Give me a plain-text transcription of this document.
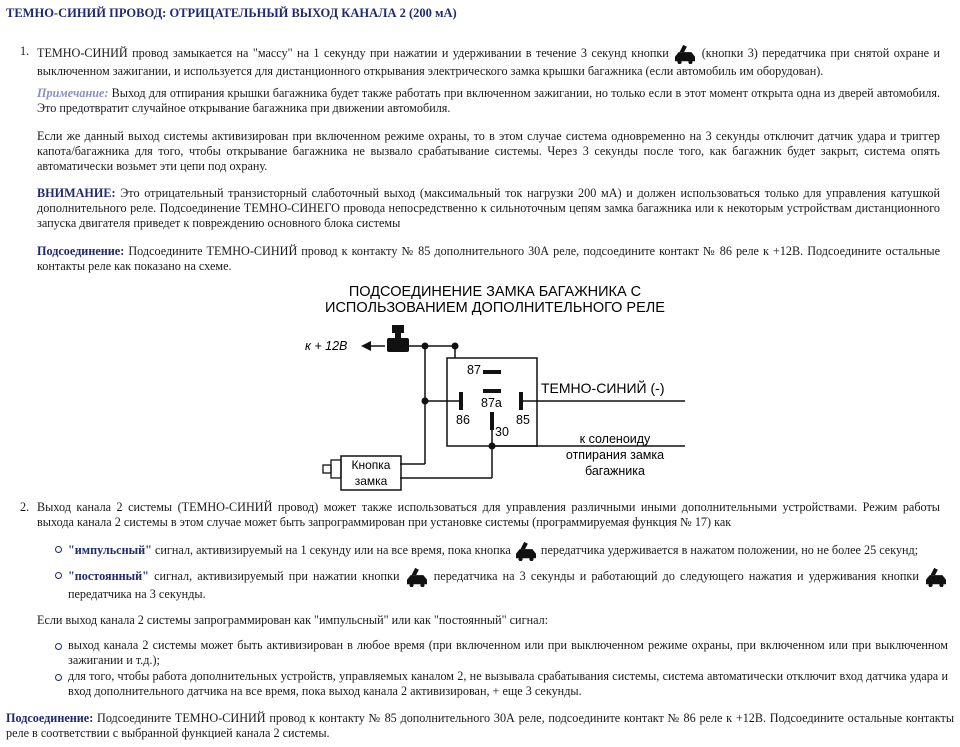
ТЕМНО-СИНИЙ ПРОВОД: ОТРИЦАТЕЛЬНЫЙ ВЫХОД КАНАЛА 2 (200 мА)
1. ТЕМНО-СИНИЙ провод замыкается на "массу" на 1 секунду при нажатии и удерживании в течение 3 секунд кнопки	(кнопки 3) передатчика при снятой охране и выключенном зажигании, и используется для дистанционного открывания электрического замка крышки багажника (если автомобиль им оборудован).
Примечание: Выход для отпирания крышки багажника будет также работать при включенном зажигании, но только если в этот момент открыта одна из дверей автомобиля. Это предотвратит случайное открывание багажника при движении автомобиля.
Если же данный выход системы активизирован при включенном режиме охраны, то в этом случае система одновременно на 3 секунды отключит датчик удара и триггер капота/багажника для того, чтобы открывание багажника не вызвало срабатывание системы. Через 3 секунды после того, как багажник будет закрыт, система опять автоматически возьмет эти цепи под охрану.
ВНИМАНИЕ: Это отрицательный транзисторный слаботочный выход (максимальный ток нагрузки 200 мА) и должен использоваться только для управления катушкой дополнительного реле. Подсоединение ТЕМНО-СИНЕГО провода непосредственно к сильноточным цепям замка багажника или к некоторым устройствам дистанционного запуска двигателя приведет к повреждению основного блока системы
Подсоединение: Подсоедините ТЕМНО-СИНИЙ провод к контакту № 85 дополнительного 30А реле, подсоедините контакт № 86 реле к +12В. Подсоедините остальные контакты реле как показано на схеме.
ПОДСОЕДИНЕНИЕ ЗАМКА БАГАЖНИКА С
ИСПОЛЬЗОВАНИЕМ ДОПОЛНИТЕЛЬНОГО РЕЛЕ
к + 12В
87
87а
86	85
30
ТЕМНО-СИНИЙ (-)
к соленоиду
отпирания замка
багажника
Кнопка
замка
2. Выход канала 2 системы (ТЕМНО-СИНИЙ провод) может также использоваться для управления различными иными дополнительными устройствами. Режим работы выхода канала 2 системы в этом случае может быть запрограммирован при установке системы (программируемая функция № 17) как
"импульсный" сигнал, активизируемый на 1 секунду или на все время, пока кнопка передатчика удерживается в нажатом положении, но не более 25 секунд;
"постоянный" сигнал, активизируемый при нажатии кнопки	передатчика на 3 секунды и работающий до следующего нажатия и удерживания кнопки  передатчика на 3 секунды.
Если выход канала 2 системы запрограммирован как "импульсный" или как "постоянный" сигнал:
выход канала 2 системы может быть активизирован в любое время (при включенном или при выключенном режиме охраны, при включенном или при выключенном зажигании и т.д.);
для того, чтобы работа дополнительных устройств, управляемых каналом 2, не вызывала срабатывания системы, система автоматически отключит вход датчика удара и вход дополнительного датчика на все время, пока выход канала 2 активизирован, + еще 3 секунды.
Подсоединение: Подсоедините ТЕМНО-СИНИЙ провод к контакту № 85 дополнительного 30А реле, подсоедините контакт № 86 реле к +12В. Подсоедините остальные контакты реле в соответствии с выбранной функцией канала 2 системы.
